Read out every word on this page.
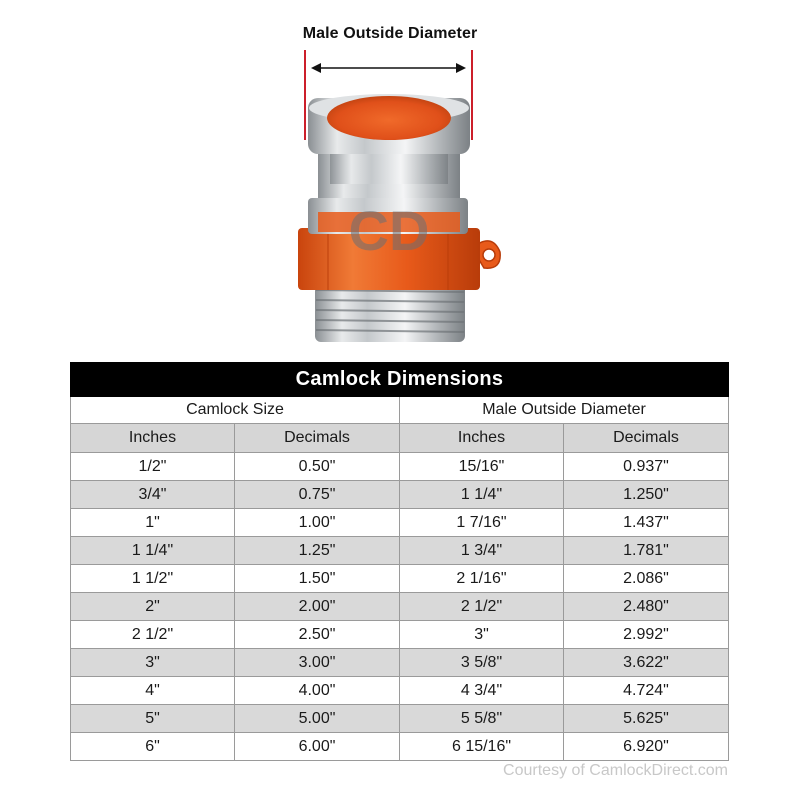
Male Outside Diameter
CD
Camlock Dimensions			
Camlock Size		Male Outside Diameter	
Inches	Decimals	Inches	Decimals
1/2"	0.50"	15/16"	0.937"
3/4"	0.75"	1 1/4"	1.250"
1"	1.00"	1 7/16"	1.437"
1 1/4"	1.25"	1 3/4"	1.781"
1 1/2"	1.50"	2 1/16"	2.086"
2"	2.00"	2 1/2"	2.480"
2 1/2"	2.50"	3"	2.992"
3"	3.00"	3 5/8"	3.622"
4"	4.00"	4 3/4"	4.724"
5"	5.00"	5 5/8"	5.625"
6"	6.00"	6 15/16"	6.920"
Courtesy of CamlockDirect.com
